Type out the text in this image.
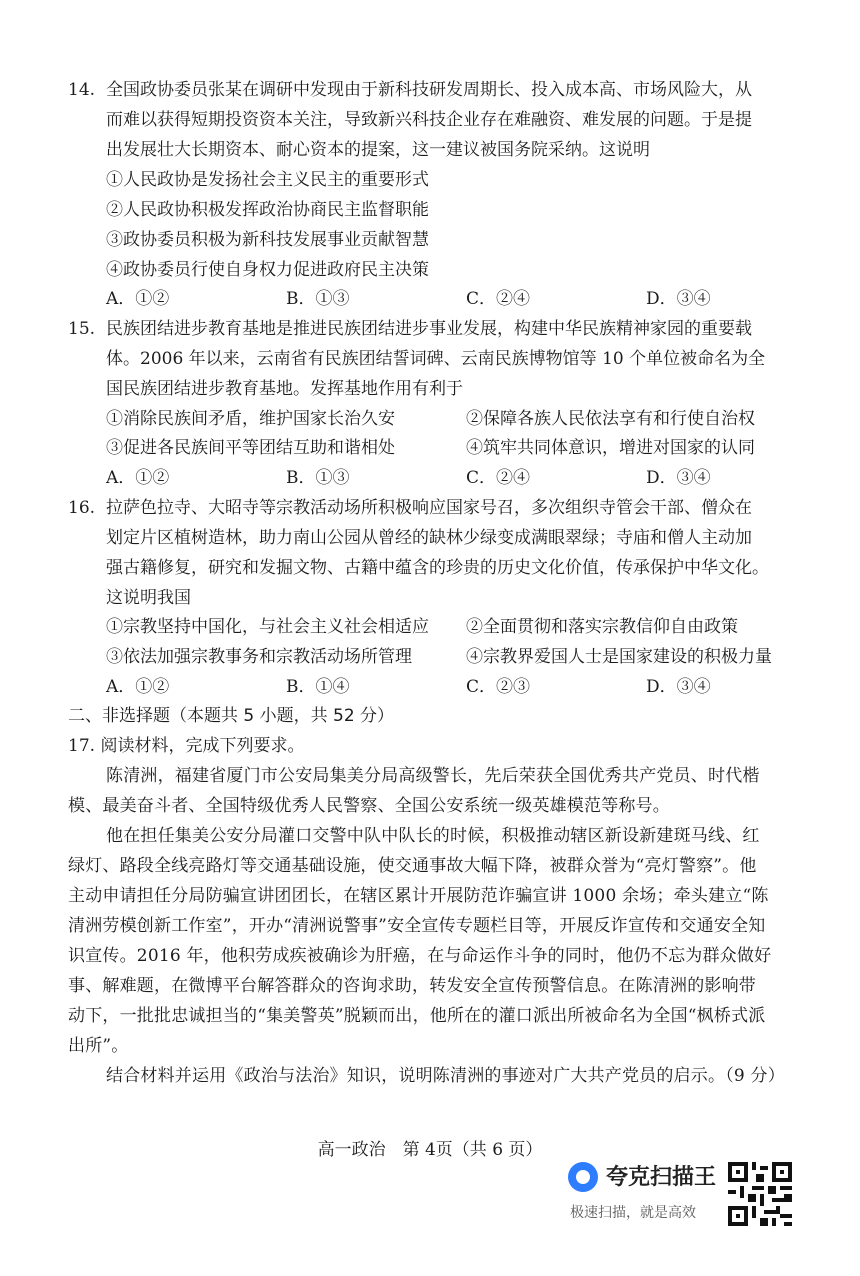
14. 全国政协委员张某在调研中发现由于新科技研发周期长、投入成本高、市场风险大，从
而难以获得短期投资资本关注，导致新兴科技企业存在难融资、难发展的问题。于是提
出发展壮大长期资本、耐心资本的提案，这一建议被国务院采纳。这说明
①人民政协是发扬社会主义民主的重要形式
②人民政协积极发挥政治协商民主监督职能
③政协委员积极为新科技发展事业贡献智慧
④政协委员行使自身权力促进政府民主决策
A．①②	B．①③	C．②④	D．③④
15. 民族团结进步教育基地是推进民族团结进步事业发展，构建中华民族精神家园的重要载
体。2006 年以来，云南省有民族团结誓词碑、云南民族博物馆等 10 个单位被命名为全
国民族团结进步教育基地。发挥基地作用有利于
①消除民族间矛盾，维护国家长治久安	②保障各族人民依法享有和行使自治权
③促进各民族间平等团结互助和谐相处	④筑牢共同体意识，增进对国家的认同
A．①②	B．①③	C．②④	D．③④
16. 拉萨色拉寺、大昭寺等宗教活动场所积极响应国家号召，多次组织寺管会干部、僧众在
划定片区植树造林，助力南山公园从曾经的缺林少绿变成满眼翠绿；寺庙和僧人主动加
强古籍修复，研究和发掘文物、古籍中蕴含的珍贵的历史文化价值，传承保护中华文化。
这说明我国
①宗教坚持中国化，与社会主义社会相适应 ②全面贯彻和落实宗教信仰自由政策
③依法加强宗教事务和宗教活动场所管理	④宗教界爱国人士是国家建设的积极力量
A．①②	B．①④	C．②③	D．③④
二、非选择题（本题共 5 小题，共 52 分）
17. 阅读材料，完成下列要求。
陈清洲，福建省厦门市公安局集美分局高级警长，先后荣获全国优秀共产党员、时代楷
模、最美奋斗者、全国特级优秀人民警察、全国公安系统一级英雄模范等称号。
他在担任集美公安分局灌口交警中队中队长的时候，积极推动辖区新设新建斑马线、红
绿灯、路段全线亮路灯等交通基础设施，使交通事故大幅下降，被群众誉为“亮灯警察”。他
主动申请担任分局防骗宣讲团团长，在辖区累计开展防范诈骗宣讲 1000 余场；牵头建立“陈
清洲劳模创新工作室”，开办“清洲说警事”安全宣传专题栏目等，开展反诈宣传和交通安全知
识宣传。2016 年，他积劳成疾被确诊为肝癌，在与命运作斗争的同时，他仍不忘为群众做好
事、解难题，在微博平台解答群众的咨询求助，转发安全宣传预警信息。在陈清洲的影响带
动下，一批批忠诚担当的“集美警英”脱颖而出，他所在的灌口派出所被命名为全国“枫桥式派
出所”。
结合材料并运用《政治与法治》知识，说明陈清洲的事迹对广大共产党员的启示。（9 分）
高一政治　第 4页（共 6 页）
夸克扫描王
极速扫描，就是高效
